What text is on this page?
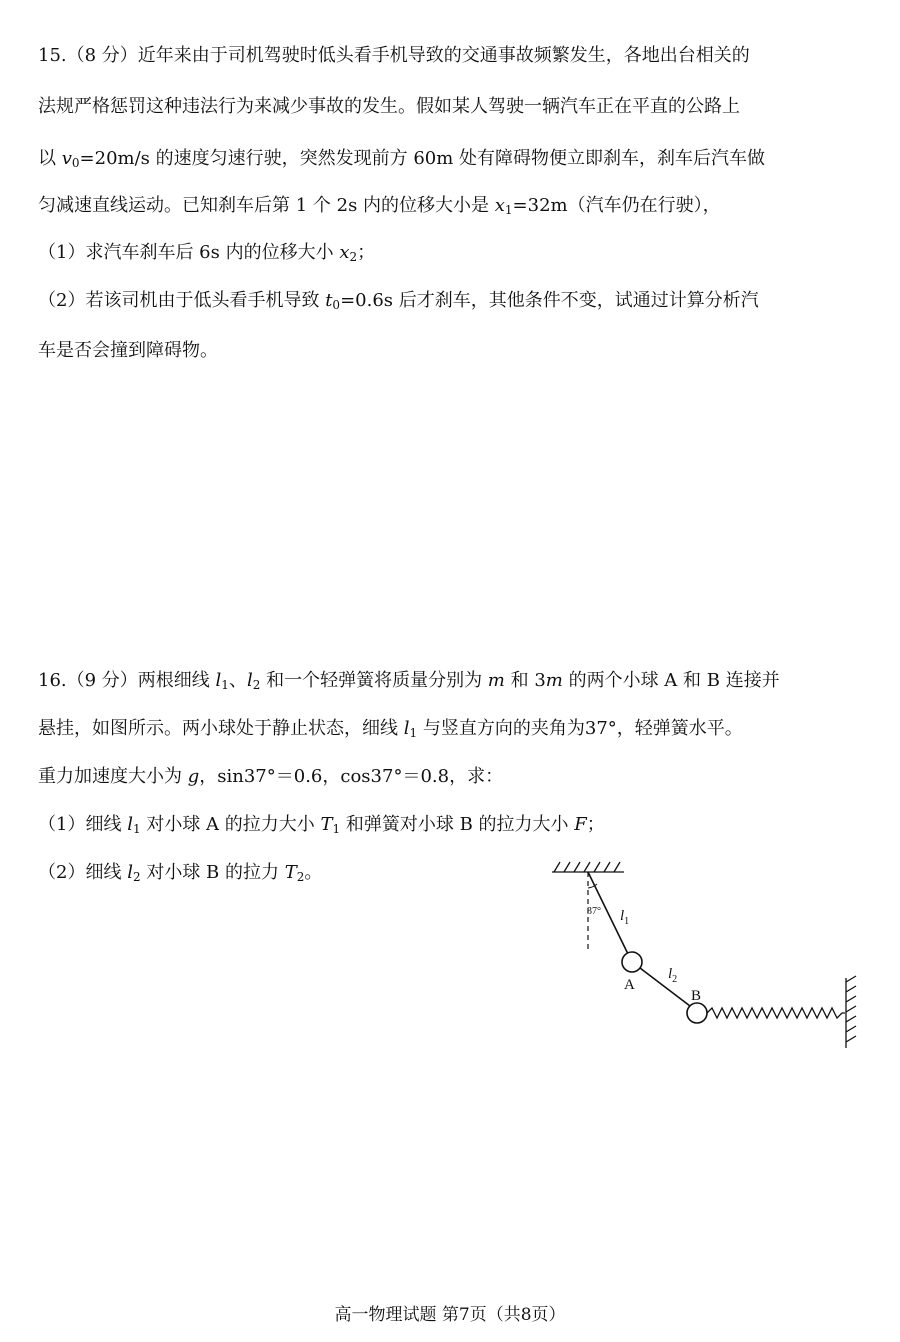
15.（8 分）近年来由于司机驾驶时低头看手机导致的交通事故频繁发生，各地出台相关的
法规严格惩罚这种违法行为来减少事故的发生。假如某人驾驶一辆汽车正在平直的公路上
以 $v_0=20m/s$ 的速度匀速行驶，突然发现前方 60m 处有障碍物便立即刹车，刹车后汽车做
匀减速直线运动。已知刹车后第 1 个 2s 内的位移大小是 $x_1=32m$（汽车仍在行驶），
（1）求汽车刹车后 6s 内的位移大小 $x_2$；
（2）若该司机由于低头看手机导致 $t_0=0.6s$ 后才刹车，其他条件不变，试通过计算分析汽
车是否会撞到障碍物。
16.（9 分）两根细线 $l_1$、$l_2$ 和一个轻弹簧将质量分别为 m 和 3m 的两个小球 A 和 B 连接并
悬挂，如图所示。两小球处于静止状态，细线 $l_1$ 与竖直方向的夹角为37°，轻弹簧水平。
重力加速度大小为 g，sin37°＝0.6，cos37°＝0.8，求：
（1）细线 $l_1$ 对小球 A 的拉力大小 $T_1$ 和弹簧对小球 B 的拉力大小 F；
（2）细线 $l_2$ 对小球 B 的拉力 $T_2$。
37° $l_1$
A
$l_2$
B
高一物理试题 第7页（共8页）
